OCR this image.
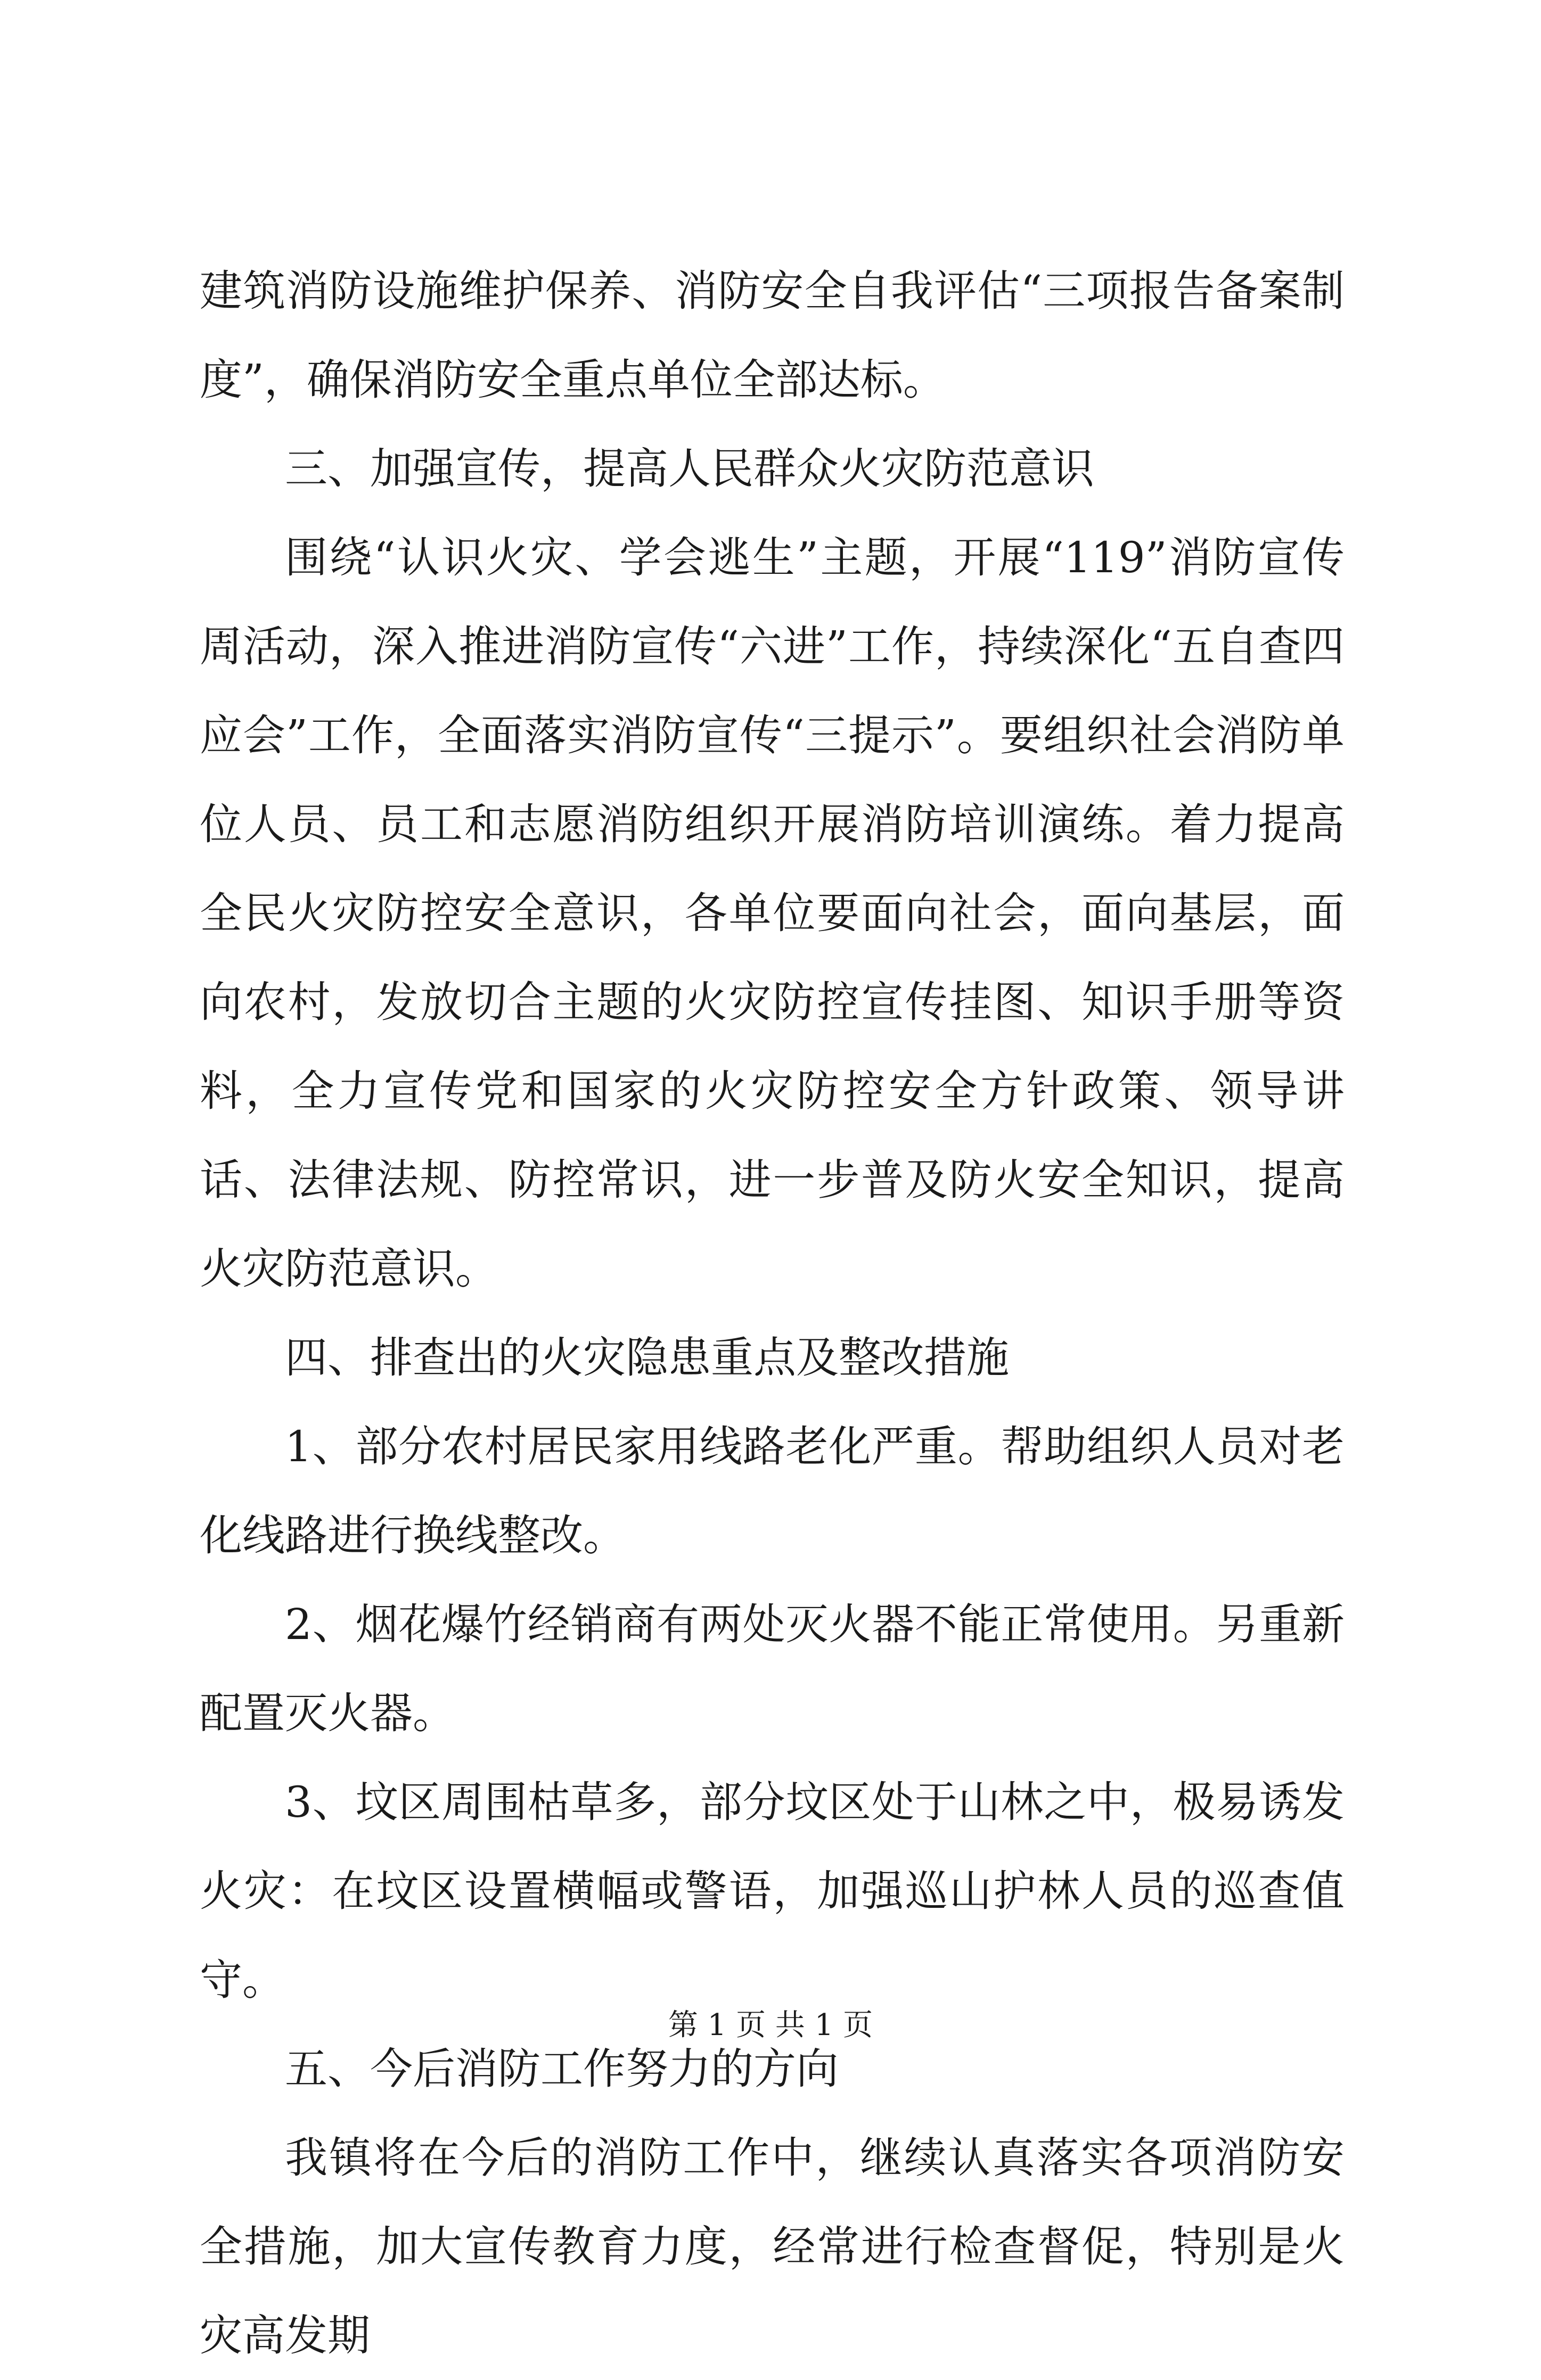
建筑消防设施维护保养、消防安全自我评估“三项报告备案制度”，确保消防安全重点单位全部达标。

三、加强宣传，提高人民群众火灾防范意识

围绕“认识火灾、学会逃生”主题，开展“119”消防宣传周活动，深入推进消防宣传“六进”工作，持续深化“五自查四应会”工作，全面落实消防宣传“三提示”。要组织社会消防单位人员、员工和志愿消防组织开展消防培训演练。着力提高全民火灾防控安全意识，各单位要面向社会，面向基层，面向农村，发放切合主题的火灾防控宣传挂图、知识手册等资料，全力宣传党和国家的火灾防控安全方针政策、领导讲话、法律法规、防控常识，进一步普及防火安全知识，提高火灾防范意识。

四、排查出的火灾隐患重点及整改措施

1、部分农村居民家用线路老化严重。帮助组织人员对老化线路进行换线整改。

2、烟花爆竹经销商有两处灭火器不能正常使用。另重新配置灭火器。

3、坟区周围枯草多，部分坟区处于山林之中，极易诱发火灾：在坟区设置横幅或警语，加强巡山护林人员的巡查值守。

五、今后消防工作努力的方向

我镇将在今后的消防工作中，继续认真落实各项消防安全措施，加大宣传教育力度，经常进行检查督促，特别是火灾高发期

第 1 页 共 1 页
